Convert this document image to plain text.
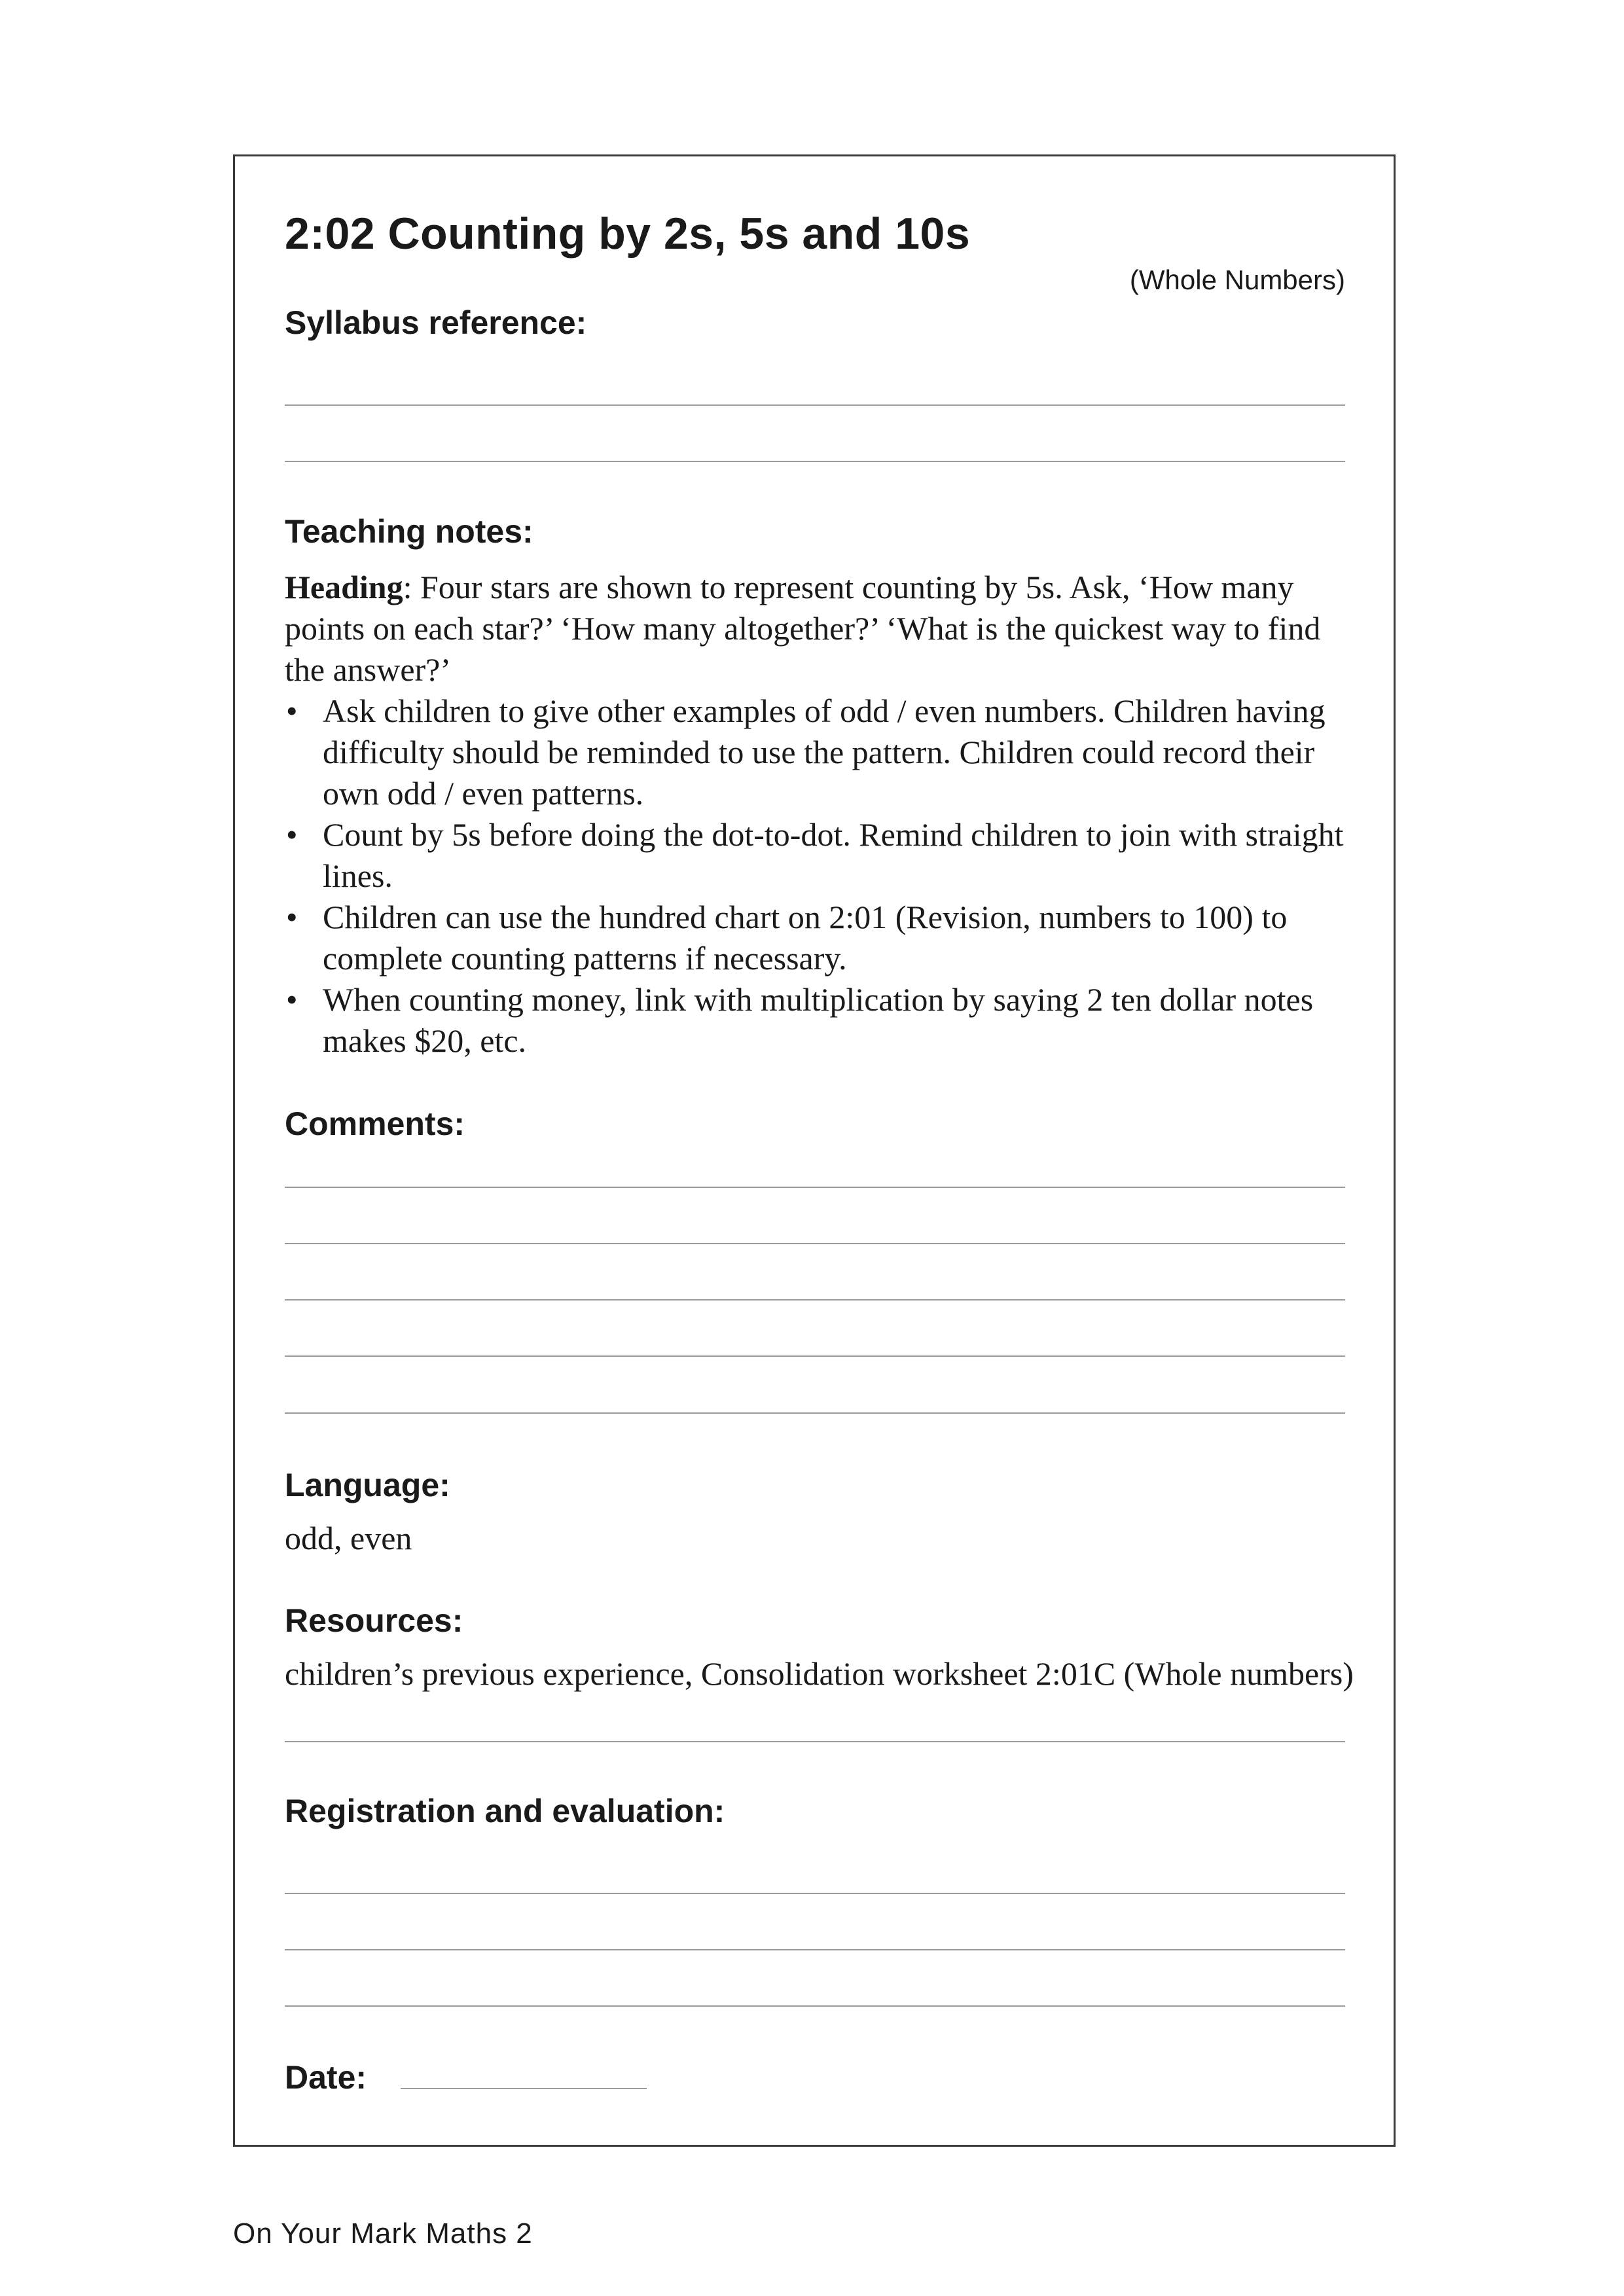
2:02 Counting by 2s, 5s and 10s
(Whole Numbers)
Syllabus reference:
Teaching notes:
Heading: Four stars are shown to represent counting by 5s. Ask, ‘How many points on each star?’ ‘How many altogether?’ ‘What is the quickest way to find the answer?’
• Ask children to give other examples of odd / even numbers. Children having difficulty should be reminded to use the pattern. Children could record their own odd / even patterns.
• Count by 5s before doing the dot-to-dot. Remind children to join with straight lines.
• Children can use the hundred chart on 2:01 (Revision, numbers to 100) to complete counting patterns if necessary.
• When counting money, link with multiplication by saying 2 ten dollar notes makes $20, etc.
Comments:
Language:
odd, even
Resources:
children’s previous experience, Consolidation worksheet 2:01C (Whole numbers)
Registration and evaluation:
Date:
On Your Mark Maths 2
